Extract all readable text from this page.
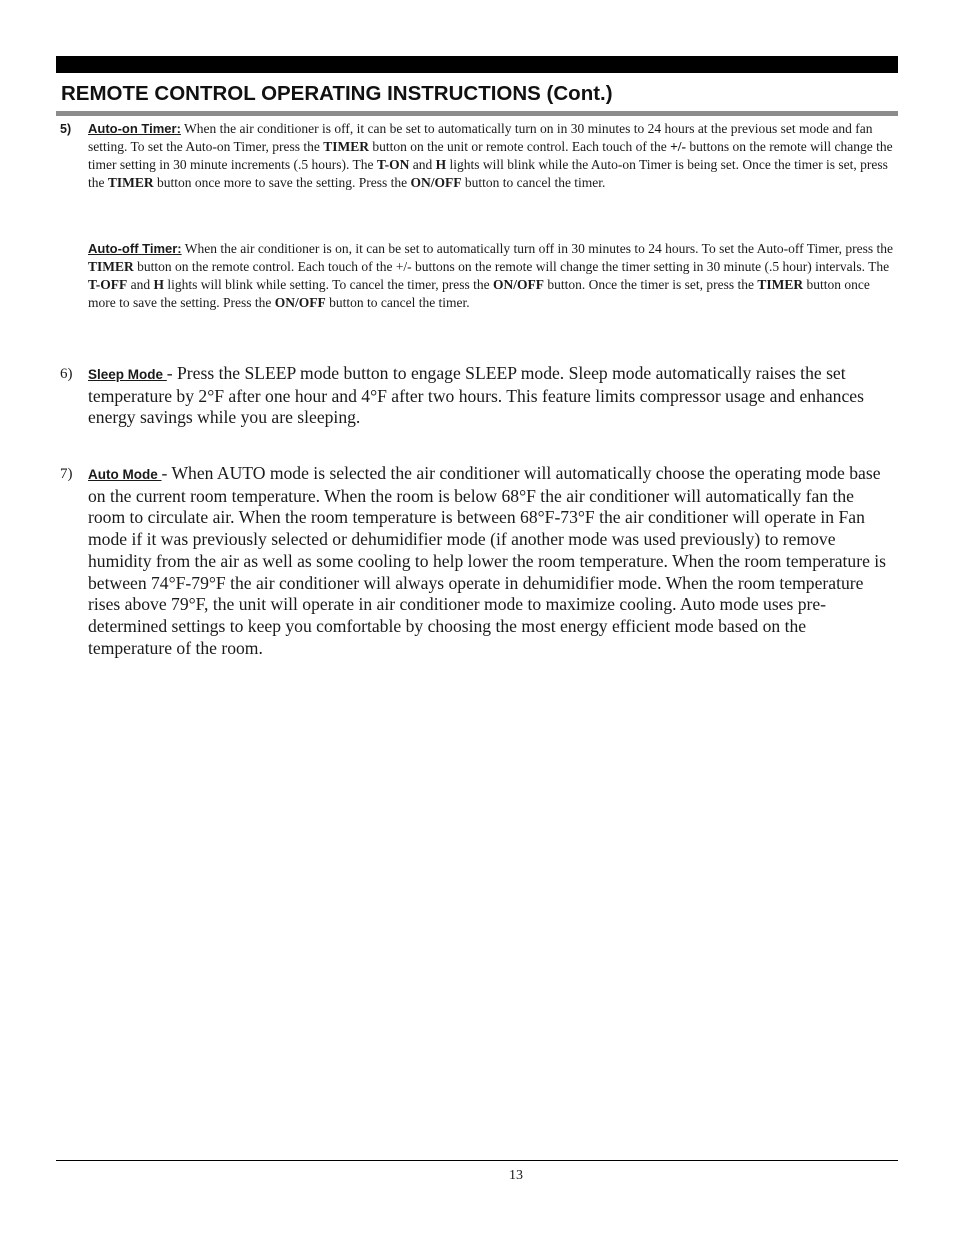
REMOTE CONTROL OPERATING INSTRUCTIONS (Cont.)
5) Auto-on Timer: When the air conditioner is off, it can be set to automatically turn on in 30 minutes to 24 hours at the previous set mode and fan setting. To set the Auto-on Timer, press the TIMER button on the unit or remote control. Each touch of the +/- buttons on the remote will change the timer setting in 30 minute increments (.5 hours). The T-ON and H lights will blink while the Auto-on Timer is being set. Once the timer is set, press the TIMER button once more to save the setting. Press the ON/OFF button to cancel the timer.

Auto-off Timer: When the air conditioner is on, it can be set to automatically turn off in 30 minutes to 24 hours. To set the Auto-off Timer, press the TIMER button on the remote control. Each touch of the +/- buttons on the remote will change the timer setting in 30 minute (.5 hour) intervals. The T-OFF and H lights will blink while setting. To cancel the timer, press the ON/OFF button. Once the timer is set, press the TIMER button once more to save the setting. Press the ON/OFF button to cancel the timer.

6) Sleep Mode - Press the SLEEP mode button to engage SLEEP mode. Sleep mode automatically raises the set temperature by 2°F after one hour and 4°F after two hours. This feature limits compressor usage and enhances energy savings while you are sleeping.

7) Auto Mode - When AUTO mode is selected the air conditioner will automatically choose the operating mode base on the current room temperature. When the room is below 68°F the air conditioner will automatically fan the room to circulate air. When the room temperature is between 68°F-73°F the air conditioner will operate in Fan mode if it was previously selected or dehumidifier mode (if another mode was used previously) to remove humidity from the air as well as some cooling to help lower the room temperature. When the room temperature is between 74°F-79°F the air conditioner will always operate in dehumidifier mode. When the room temperature rises above 79°F, the unit will operate in air conditioner mode to maximize cooling. Auto mode uses pre-determined settings to keep you comfortable by choosing the most energy efficient mode based on the temperature of the room.

13
